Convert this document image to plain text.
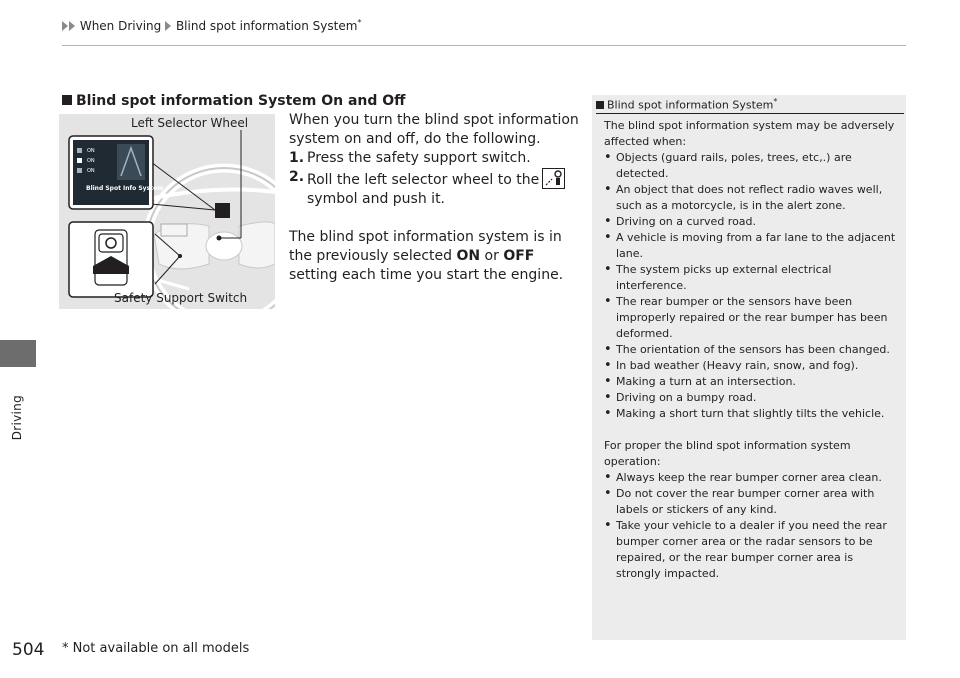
When Driving Blind spot information System*
Driving
Blind spot information System On and Off
Blind Spot Info System
ON
ON
ON
Left Selector Wheel
Safety Support Switch

When you turn the blind spot information system on and off, do the following.

1. Press the safety support switch.
2. Roll the left selector wheel to the
symbol and push it.

The blind spot information system is in the previously selected ON or OFF setting each time you start the engine.

Blind spot information System*

The blind spot information system may be adversely affected when:

• Objects (guard rails, poles, trees, etc,.) are detected.
• An object that does not reflect radio waves well, such as a motorcycle, is in the alert zone.
• Driving on a curved road.
• A vehicle is moving from a far lane to the adjacent lane.
• The system picks up external electrical interference.
• The rear bumper or the sensors have been improperly repaired or the rear bumper has been deformed.
• The orientation of the sensors has been changed.
• In bad weather (Heavy rain, snow, and fog).
• Making a turn at an intersection.
• Driving on a bumpy road.
• Making a short turn that slightly tilts the vehicle.

For proper the blind spot information system operation:

• Always keep the rear bumper corner area clean.
• Do not cover the rear bumper corner area with labels or stickers of any kind.
• Take your vehicle to a dealer if you need the rear bumper corner area or the radar sensors to be repaired, or the rear bumper corner area is strongly impacted.
504 * Not available on all models
